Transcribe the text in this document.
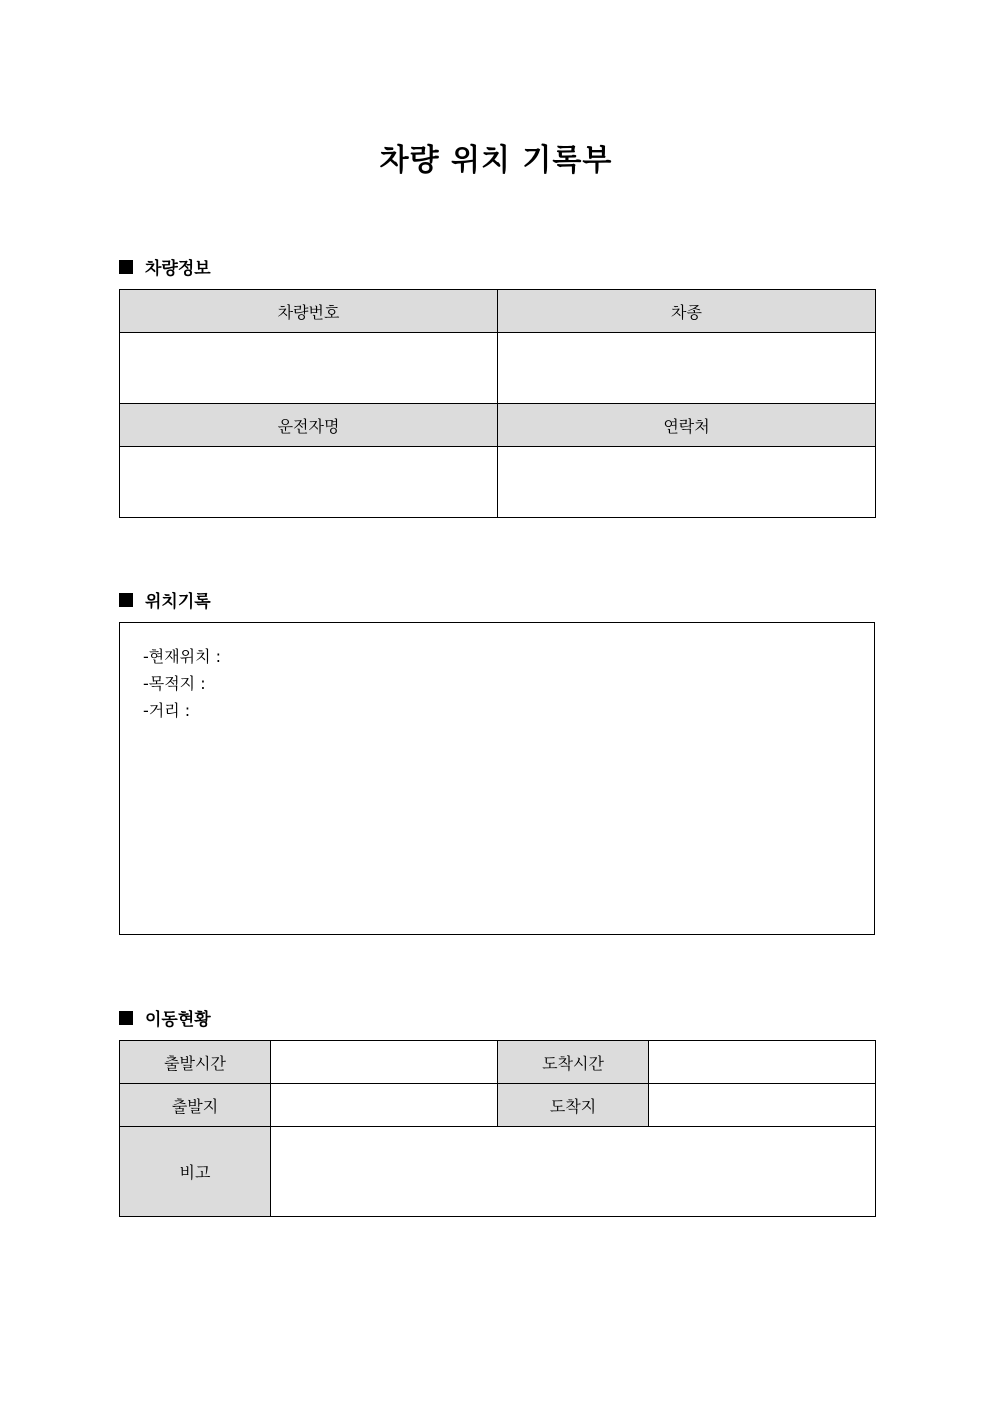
차량 위치 기록부
차량정보
차량번호	차종

운전자명	연락처

위치기록
-현재위치 :
-목적지 :
-거리 :
이동현황
출발시간		도착시간	
출발지		도착지	
비고			
